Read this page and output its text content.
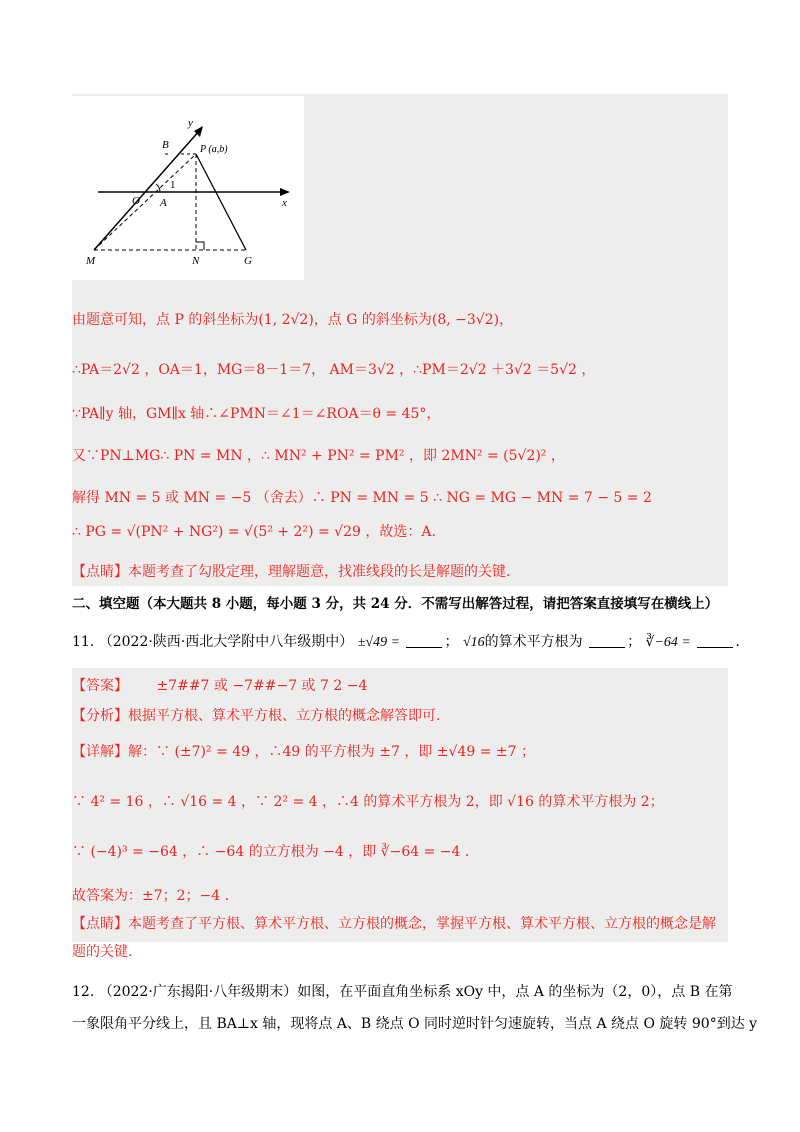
B
y
P (a,b)
1
O A	x
M	N	G
由题意可知，点 P 的斜坐标为(1, 2√2)，点 G 的斜坐标为(8, −3√2)，
∴PA＝2√2 ，OA＝1，MG＝8－1＝7， AM＝3√2 ，∴PM＝2√2 ＋3√2 ＝5√2 ，
∵PA∥y 轴，GM∥x 轴∴∠PMN＝∠1＝∠ROA＝θ = 45°，
又∵PN⊥MG∴ PN = MN ，∴ MN² + PN² = PM² ，即 2MN² = (5√2)² ，
解得 MN = 5 或 MN = −5 （舍去）∴ PN = MN = 5 ∴ NG = MG − MN = 7 − 5 = 2
∴ PG = √(PN² + NG²) = √(5² + 2²) = √29 ，故选：A.
【点睛】本题考查了勾股定理，理解题意，找准线段的长是解题的关键.
二、填空题（本大题共 8 小题，每小题 3 分，共 24 分．不需写出解答过程，请把答案直接填写在横线上）
11. （2022·陕西·西北大学附中八年级期中） ±√49 =	； √16的算术平方根为	； ∛−64 =	.
【答案】 ±7##7 或 −7##−7 或 7 2 −4
【分析】根据平方根、算术平方根、立方根的概念解答即可.
【详解】解：∵ (±7)² = 49 ，∴49 的平方根为 ±7 ，即 ±√49 = ±7 ；
∵ 4² = 16 ，∴ √16 = 4 ，∵ 2² = 4 ，∴4 的算术平方根为 2，即 √16 的算术平方根为 2；
∵ (−4)³ = −64 ，∴ −64 的立方根为 −4 ，即 ∛−64 = −4 .
故答案为：±7；2；−4 .
【点睛】本题考查了平方根、算术平方根、立方根的概念，掌握平方根、算术平方根、立方根的概念是解
题的关键.
12. （2022·广东揭阳·八年级期末）如图，在平面直角坐标系 xOy 中，点 A 的坐标为（2，0），点 B 在第
一象限角平分线上，且 BA⊥x 轴，现将点 A、B 绕点 O 同时逆时针匀速旋转，当点 A 绕点 O 旋转 90°到达 y
